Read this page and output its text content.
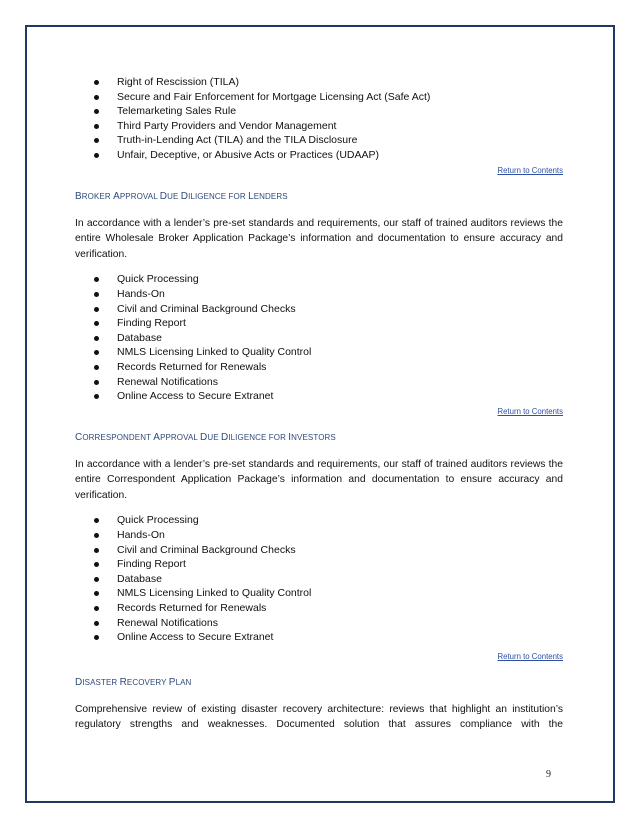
Right of Rescission (TILA)
Secure and Fair Enforcement for Mortgage Licensing Act (Safe Act)
Telemarketing Sales Rule
Third Party Providers and Vendor Management
Truth-in-Lending Act (TILA) and the TILA Disclosure
Unfair, Deceptive, or Abusive Acts or Practices (UDAAP)
Return to Contents
BROKER APPROVAL DUE DILIGENCE FOR LENDERS

In accordance with a lender’s pre-set standards and requirements, our staff of trained auditors reviews the entire Wholesale Broker Application Package’s information and documentation to ensure accuracy and verification.

Quick Processing
Hands-On
Civil and Criminal Background Checks
Finding Report
Database
NMLS Licensing Linked to Quality Control
Records Returned for Renewals
Renewal Notifications
Online Access to Secure Extranet
Return to Contents
CORRESPONDENT APPROVAL DUE DILIGENCE FOR INVESTORS

In accordance with a lender’s pre-set standards and requirements, our staff of trained auditors reviews the entire Correspondent Application Package’s information and documentation to ensure accuracy and verification.

Quick Processing
Hands-On
Civil and Criminal Background Checks
Finding Report
Database
NMLS Licensing Linked to Quality Control
Records Returned for Renewals
Renewal Notifications
Online Access to Secure Extranet
Return to Contents
DISASTER RECOVERY PLAN

Comprehensive review of existing disaster recovery architecture: reviews that highlight an institution’s regulatory strengths and weaknesses. Documented solution that assures compliance with the

9
